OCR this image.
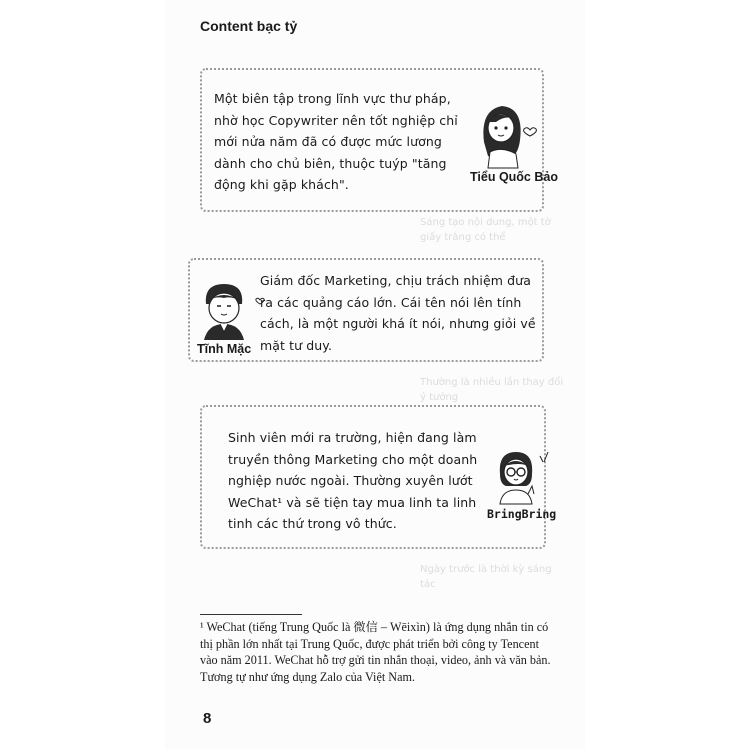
Content bạc tỷ
Sáng tạo nội dung, một tờ giấy trắng có thể
Thường là nhiều lần thay đổi ý tưởng
Ngày trước là thời kỳ sáng tác
Một biên tập trong lĩnh vực thư pháp, nhờ học Copywriter nên tốt nghiệp chỉ mới nửa năm đã có được mức lương dành cho chủ biên, thuộc tuýp "tăng động khi gặp khách".	Tiểu Quốc Bảo
Giám đốc Marketing, chịu trách nhiệm đưa ra các quảng cáo lớn. Cái tên nói lên tính cách, là một người khá ít nói, nhưng giỏi về mặt tư duy.
Tĩnh Mặc
Sinh viên mới ra trường, hiện đang làm truyền thông Marketing cho một doanh nghiệp nước ngoài. Thường xuyên lướt WeChat¹ và sẽ tiện tay mua linh ta linh tinh các thứ trong vô thức.
BringBring
¹ WeChat (tiếng Trung Quốc là 微信 – Wēixìn) là ứng dụng nhắn tin có thị phần lớn nhất tại Trung Quốc, được phát triển bởi công ty Tencent vào năm 2011. WeChat hỗ trợ gửi tin nhắn thoại, video, ảnh và văn bản. Tương tự như ứng dụng Zalo của Việt Nam.
8
